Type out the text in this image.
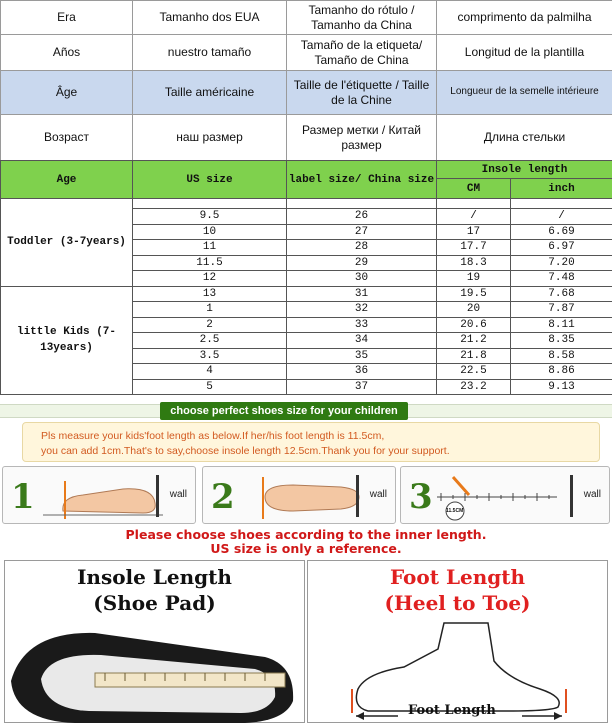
Era	Tamanho dos EUA	Tamanho do rótulo / Tamanho da China	comprimento da palmilha
Años	nuestro tamaño	Tamaño de la etiqueta/ Tamaño de China	Longitud de la plantilla
Âge	Taille américaine	Taille de l'étiquette / Taille de la Chine	Longueur de la semelle intérieure
Возраст	наш размер	Размер метки / Китай размер	Длина стельки
Age	US size	label size/ China size	Insole length	
			CM	inch
Toddler (3-7years)				
	9.5	26	/	/
	10	27	17	6.69
	11	28	17.7	6.97
	11.5	29	18.3	7.20
	12	30	19	7.48
little Kids (7-13years)	13	31	19.5	7.68
	1	32	20	7.87
	2	33	20.6	8.11
	2.5	34	21.2	8.35
	3.5	35	21.8	8.58
	4	36	22.5	8.86
	5	37	23.2	9.13
choose perfect shoes size for your children
Pls measure your kids'foot length as below.If her/his foot length is 11.5cm,
you can add 1cm.That's to say,choose insole length 12.5cm.Thank you for your support.
1	wall 2	wall 3	11.5CM
wall
Please choose shoes according to the inner length.
US size is only a reference.
Insole Length
(Shoe Pad)
Foot Length
(Heel to Toe)
Foot Length
